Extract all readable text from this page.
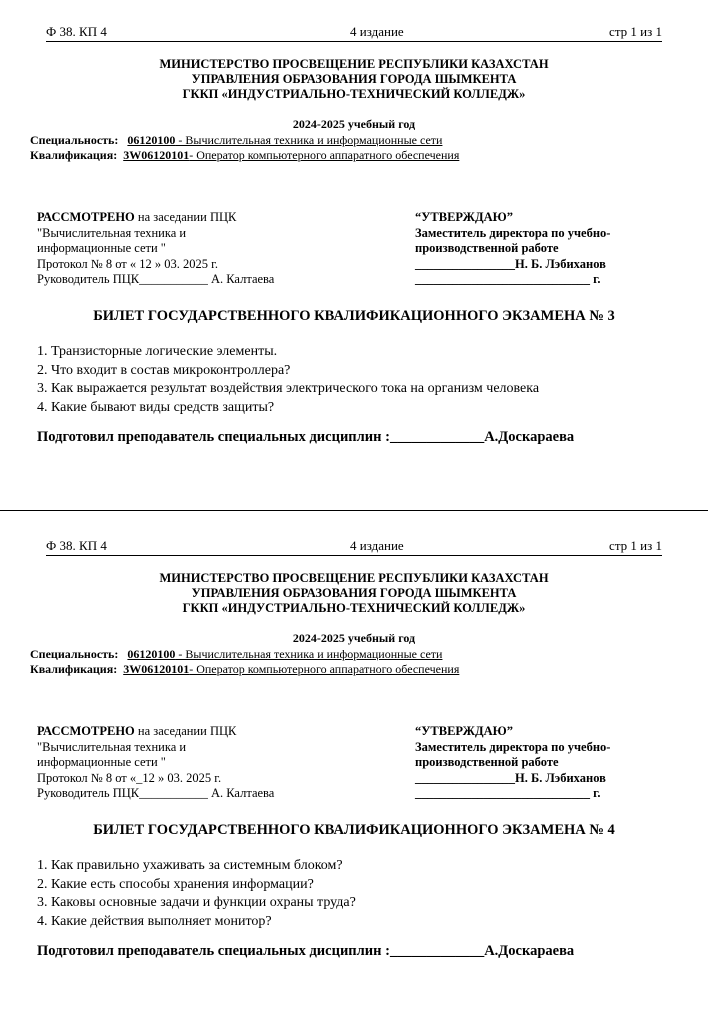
Ф 38. КП 4	4 издание	стр 1 из 1
МИНИСТЕРСТВО ПРОСВЕЩЕНИЕ РЕСПУБЛИКИ КАЗАХСТАН
УПРАВЛЕНИЯ ОБРАЗОВАНИЯ ГОРОДА ШЫМКЕНТА
ГККП «ИНДУСТРИАЛЬНО-ТЕХНИЧЕСКИЙ КОЛЛЕДЖ»
2024-2025 учебный год
Специальность: 06120100 - Вычислительная техника и информационные сети
Квалификация: 3W06120101- Оператор компьютерного аппаратного обеспечения
РАССМОТРЕНО на заседании ПЦК
"Вычислительная техника и
информационные сети "
Протокол № 8 от « 12 » 03. 2025 г.
Руководитель ПЦК___________ А. Калтаева
“УТВЕРЖДАЮ”
Заместитель директора по учебно-
производственной работе
________________Н. Б. Лэбиханов
____________________________ г.
БИЛЕТ ГОСУДАРСТВЕННОГО КВАЛИФИКАЦИОННОГО ЭКЗАМЕНА № 3
1. Транзисторные логические элементы.
2. Что входит в состав микроконтроллера?
3. Как выражается результат воздействия электрического тока на организм человека
4. Какие бывают виды средств защиты?
Подготовил преподаватель специальных дисциплин :_____________А.Доскараева
Ф 38. КП 4	4 издание	стр 1 из 1
МИНИСТЕРСТВО ПРОСВЕЩЕНИЕ РЕСПУБЛИКИ КАЗАХСТАН
УПРАВЛЕНИЯ ОБРАЗОВАНИЯ ГОРОДА ШЫМКЕНТА
ГККП «ИНДУСТРИАЛЬНО-ТЕХНИЧЕСКИЙ КОЛЛЕДЖ»
2024-2025 учебный год
Специальность: 06120100 - Вычислительная техника и информационные сети
Квалификация: 3W06120101- Оператор компьютерного аппаратного обеспечения
РАССМОТРЕНО на заседании ПЦК
"Вычислительная техника и
информационные сети "
Протокол № 8 от «_12 » 03. 2025 г.
Руководитель ПЦК___________ А. Калтаева
“УТВЕРЖДАЮ”
Заместитель директора по учебно-
производственной работе
________________Н. Б. Лэбиханов
____________________________ г.
БИЛЕТ ГОСУДАРСТВЕННОГО КВАЛИФИКАЦИОННОГО ЭКЗАМЕНА № 4
1. Как правильно ухаживать за системным блоком?
2. Какие есть способы хранения информации?
3. Каковы основные задачи и функции охраны труда?
4. Какие действия выполняет монитор?
Подготовил преподаватель специальных дисциплин :_____________А.Доскараева
